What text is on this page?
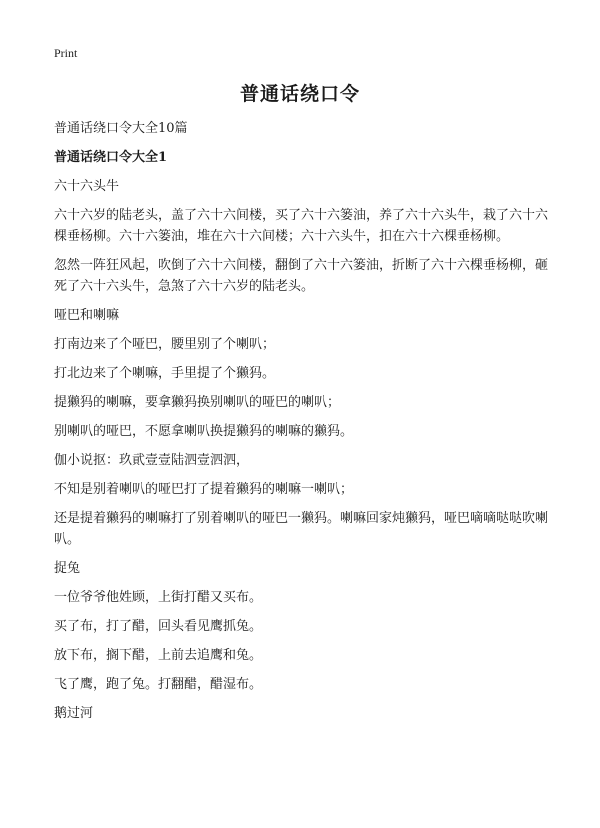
Print
普通话绕口令
普通话绕口令大全10篇
普通话绕口令大全1
六十六头牛
六十六岁的陆老头，盖了六十六间楼，买了六十六篓油，养了六十六头牛，栽了六十六棵垂杨柳。六十六篓油，堆在六十六间楼；六十六头牛，扣在六十六棵垂杨柳。
忽然一阵狂风起，吹倒了六十六间楼，翻倒了六十六篓油，折断了六十六棵垂杨柳，砸死了六十六头牛，急煞了六十六岁的陆老头。
哑巴和喇嘛
打南边来了个哑巴，腰里别了个喇叭；
打北边来了个喇嘛，手里提了个獭犸。
提獭犸的喇嘛，要拿獭犸换别喇叭的哑巴的喇叭；
别喇叭的哑巴，不愿拿喇叭换提獭犸的喇嘛的獭犸。
伽小说抠：玖貮壹壹陆泗壹泗泗，
不知是别着喇叭的哑巴打了提着獭犸的喇嘛一喇叭；
还是提着獭犸的喇嘛打了别着喇叭的哑巴一獭犸。喇嘛回家炖獭犸，哑巴嘀嘀哒哒吹喇叭。
捉兔
一位爷爷他姓顾，上街打醋又买布。
买了布，打了醋，回头看见鹰抓兔。
放下布，搁下醋，上前去追鹰和兔。
飞了鹰，跑了兔。打翻醋，醋湿布。
鹅过河
